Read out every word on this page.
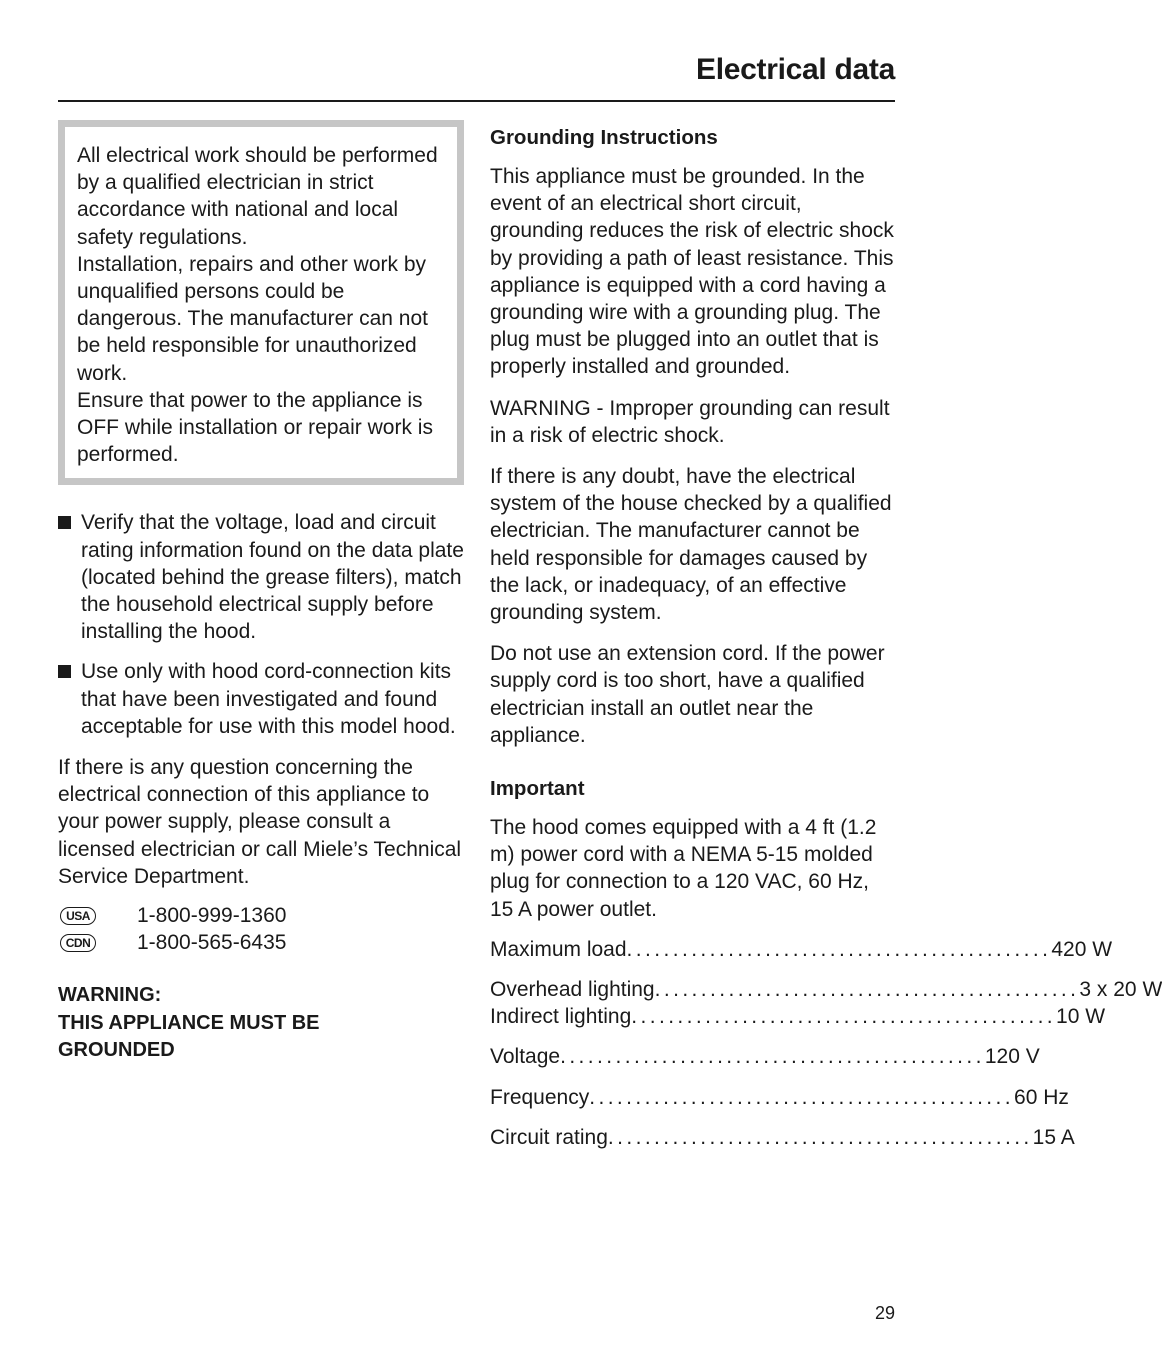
Electrical data

All electrical work should be performed by a qualified electrician in strict accordance with national and local safety regulations.

Installation, repairs and other work by unqualified persons could be dangerous. The manufacturer can not be held responsible for unauthorized work.

Ensure that power to the appliance is OFF while installation or repair work is performed.

Verify that the voltage, load and circuit rating information found on the data plate (located behind the grease filters), match the household electrical supply before installing the hood.
Use only with hood cord-connection kits that have been investigated and found acceptable for use with this model hood.

If there is any question concerning the electrical connection of this appliance to your power supply, please consult a licensed electrician or call Miele’s Technical Service Department.

USA 1-800-999-1360
CDN 1-800-565-6435
WARNING:
THIS APPLIANCE MUST BE
GROUNDED
Grounding Instructions

This appliance must be grounded. In the event of an electrical short circuit, grounding reduces the risk of electric shock by providing a path of least resistance. This appliance is equipped with a cord having a grounding wire with a grounding plug. The plug must be plugged into an outlet that is properly installed and grounded.

WARNING - Improper grounding can result in a risk of electric shock.

If there is any doubt, have the electrical system of the house checked by a qualified electrician. The manufacturer cannot be held responsible for damages caused by the lack, or inadequacy, of an effective grounding system.

Do not use an extension cord. If the power supply cord is too short, have a qualified electrician install an outlet near the appliance.

Important

The hood comes equipped with a 4 ft (1.2 m) power cord with a NEMA 5-15 molded plug for connection to a 120 VAC, 60 Hz, 15 A power outlet.

Maximum load .............................................. 420 W
Overhead lighting .............................................. 3 x 20 W
Indirect lighting .............................................. 10 W
Voltage .............................................. 120 V
Frequency .............................................. 60 Hz
Circuit rating .............................................. 15 A
29
